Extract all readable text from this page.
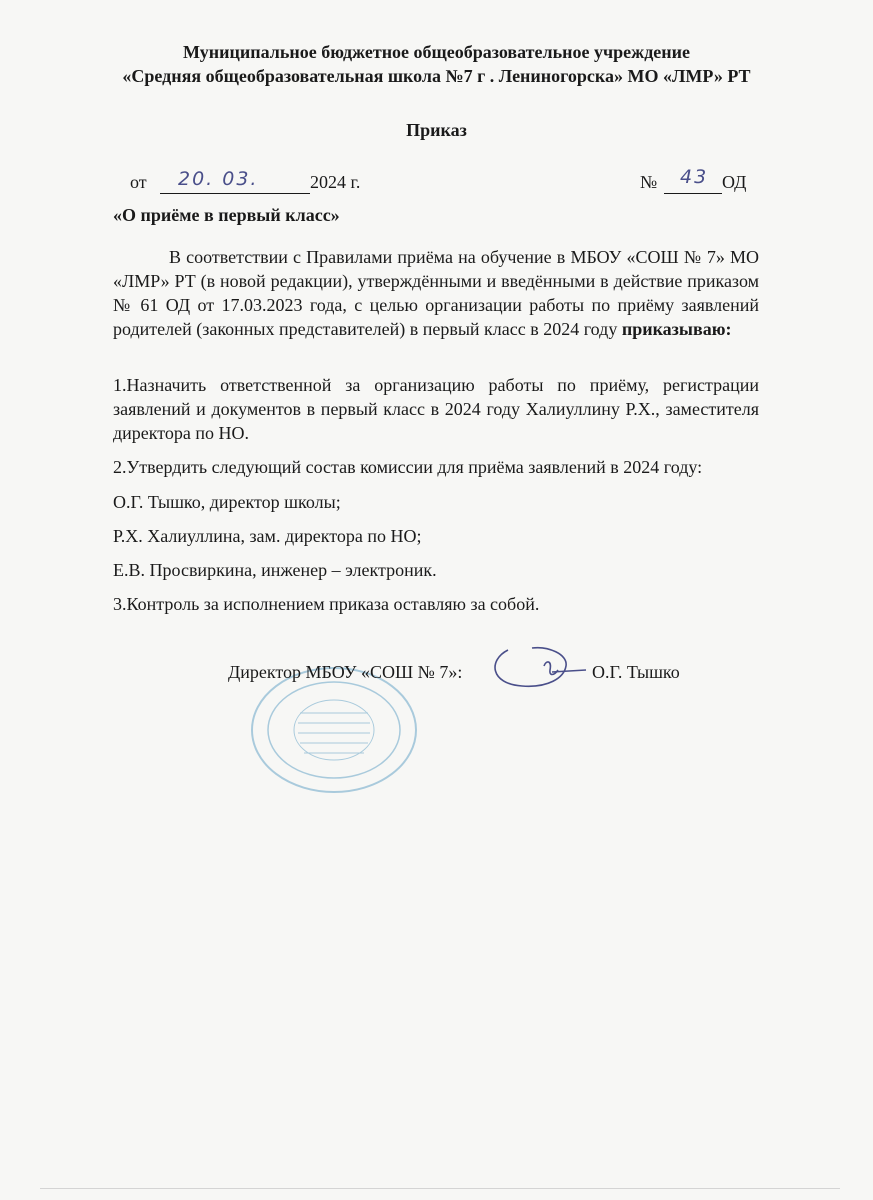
Муниципальное бюджетное общеобразовательное учреждение
«Средняя общеобразовательная школа №7 г . Лениногорска» МО «ЛМР» РТ
Приказ
от 20. 03.	2024 г.	№ 43 ОД
«О приёме в первый класс»
В соответствии с Правилами приёма на обучение в МБОУ «СОШ № 7» МО «ЛМР» РТ (в новой редакции), утверждёнными и введёнными в действие приказом № 61 ОД от 17.03.2023 года, с целью организации работы по приёму заявлений родителей (законных представителей) в первый класс в 2024 году приказываю:
1.Назначить ответственной за организацию работы по приёму, регистрации заявлений и документов в первый класс в 2024 году Халиуллину Р.Х., заместителя директора по НО.
2.Утвердить следующий состав комиссии для приёма заявлений в 2024 году:
О.Г. Тышко, директор школы;
Р.Х. Халиуллина, зам. директора по НО;
Е.В. Просвиркина, инженер – электроник.
3.Контроль за исполнением приказа оставляю за собой.
Директор МБОУ «СОШ № 7»:	О.Г. Тышко
